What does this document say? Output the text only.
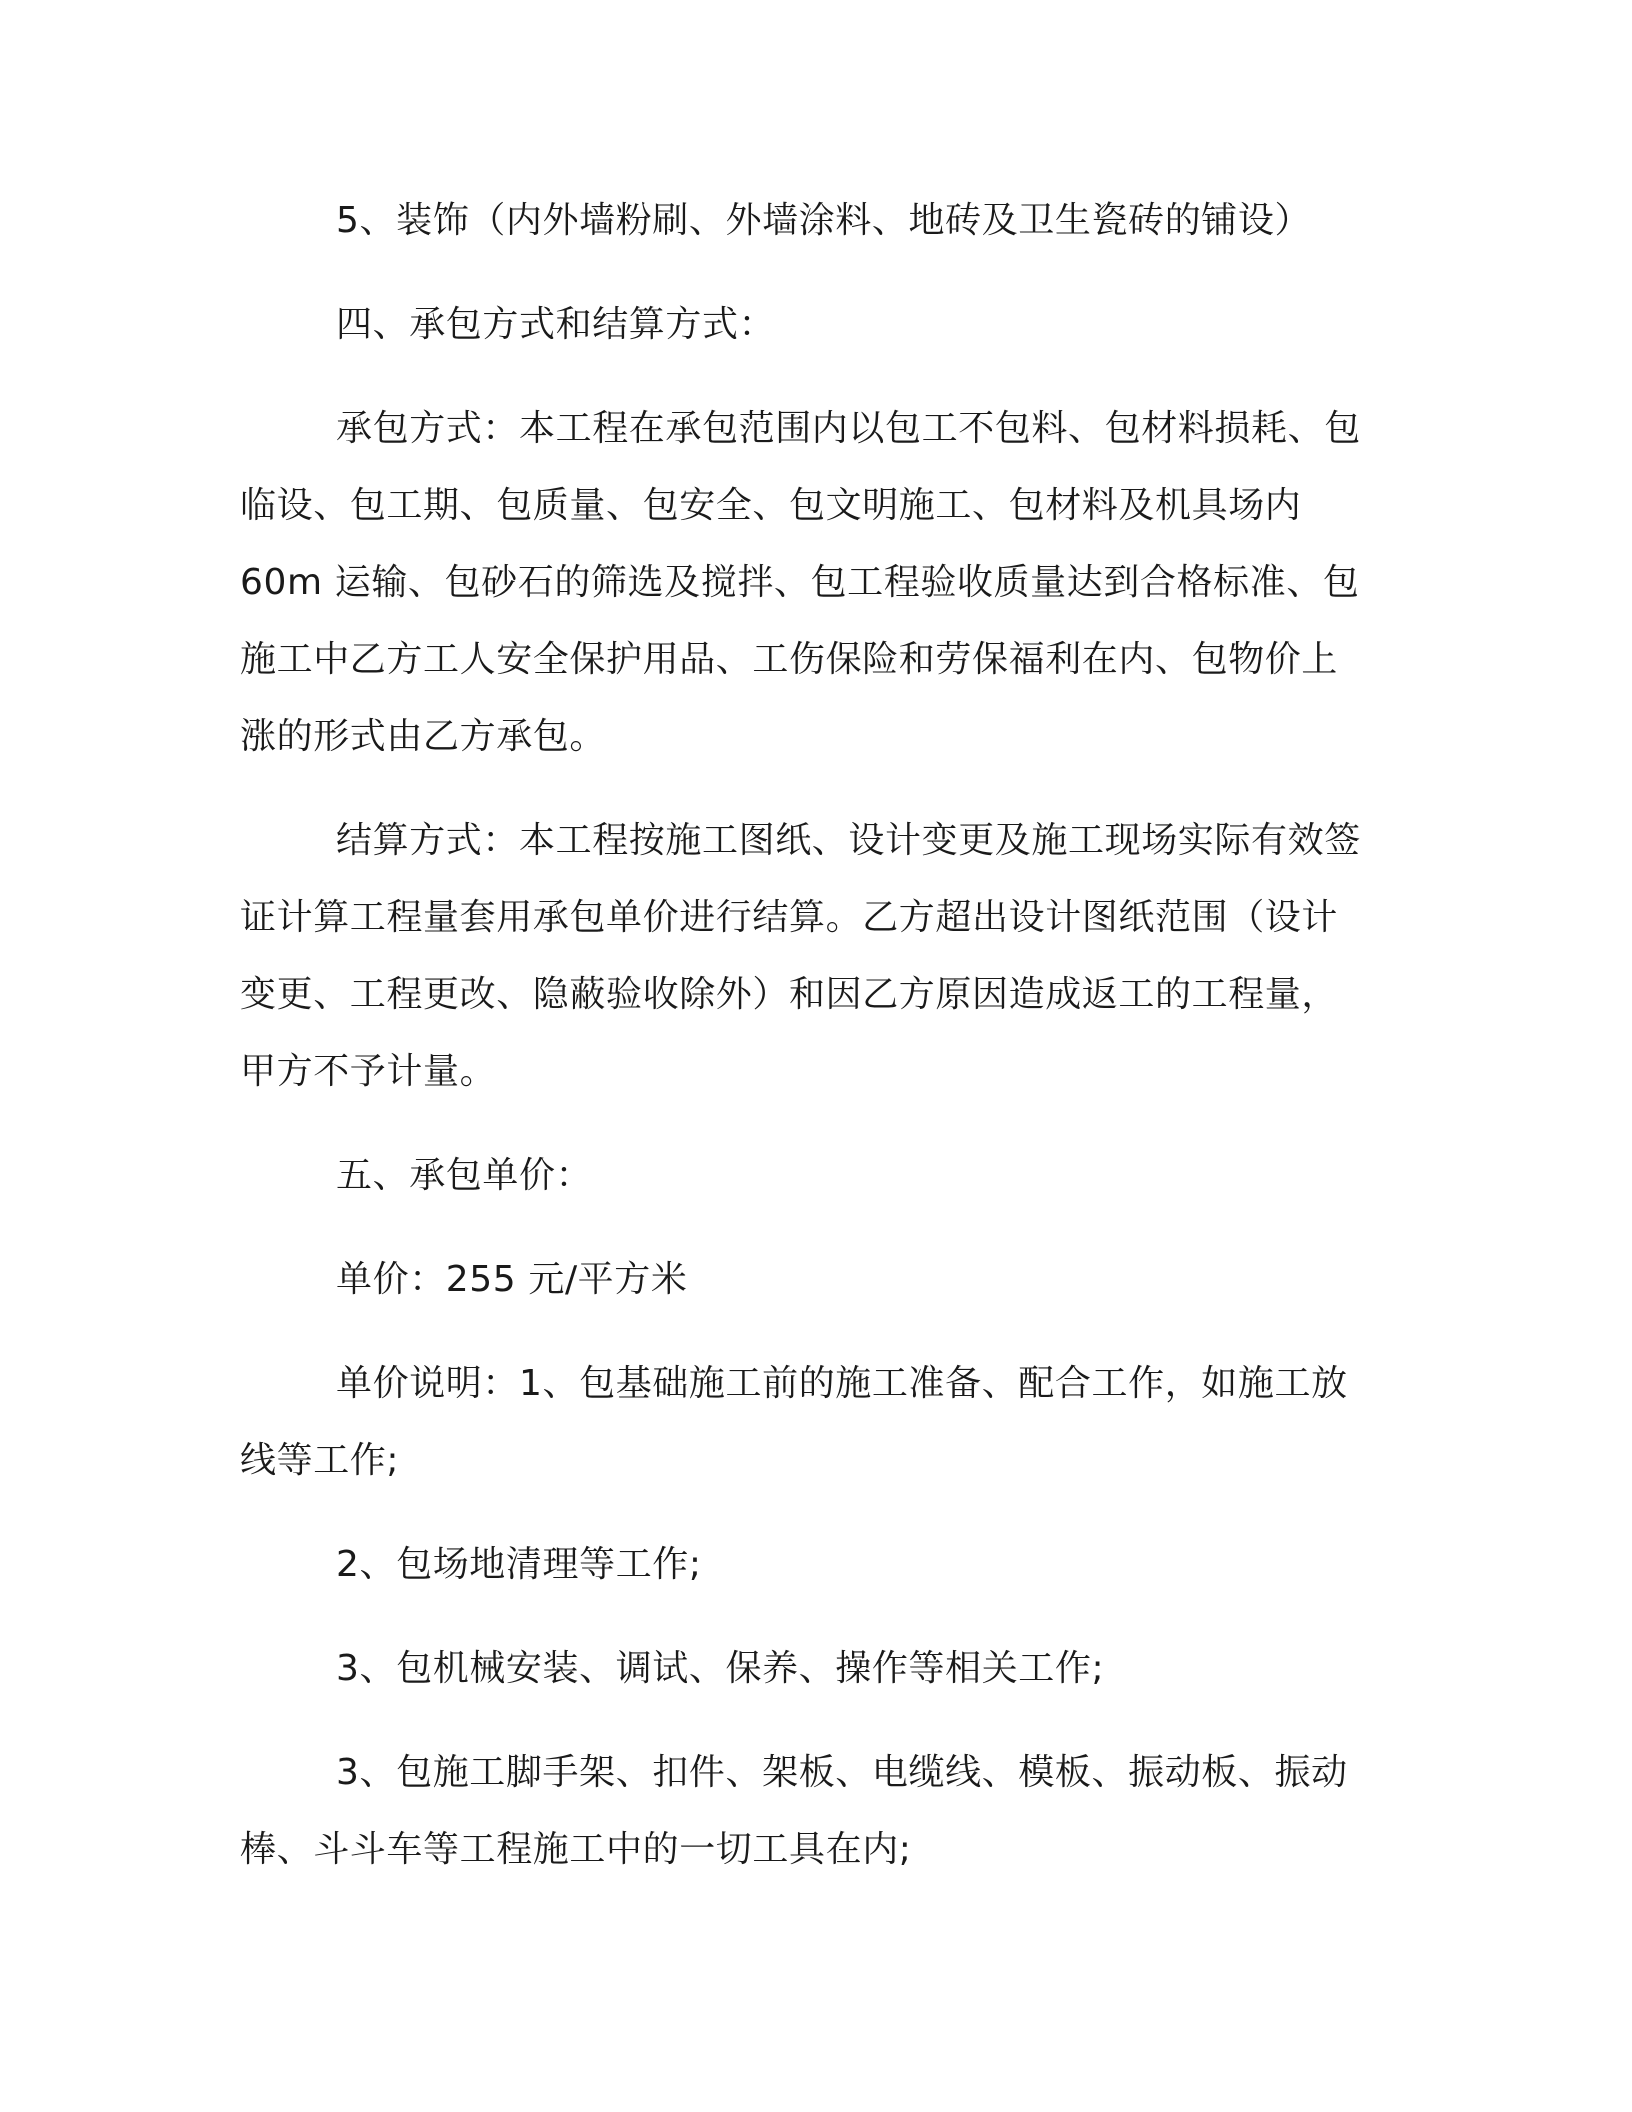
5、装饰（内外墙粉刷、外墙涂料、地砖及卫生瓷砖的铺设）

四、承包方式和结算方式：

承包方式：本工程在承包范围内以包工不包料、包材料损耗、包
临设、包工期、包质量、包安全、包文明施工、包材料及机具场内
60m 运输、包砂石的筛选及搅拌、包工程验收质量达到合格标准、包
施工中乙方工人安全保护用品、工伤保险和劳保福利在内、包物价上
涨的形式由乙方承包。

结算方式：本工程按施工图纸、设计变更及施工现场实际有效签
证计算工程量套用承包单价进行结算。乙方超出设计图纸范围（设计
变更、工程更改、隐蔽验收除外）和因乙方原因造成返工的工程量，
甲方不予计量。

五、承包单价：

单价：255 元/平方米

单价说明：1、包基础施工前的施工准备、配合工作，如施工放
线等工作;

2、包场地清理等工作;

3、包机械安装、调试、保养、操作等相关工作;

3、包施工脚手架、扣件、架板、电缆线、模板、振动板、振动
棒、斗斗车等工程施工中的一切工具在内;
